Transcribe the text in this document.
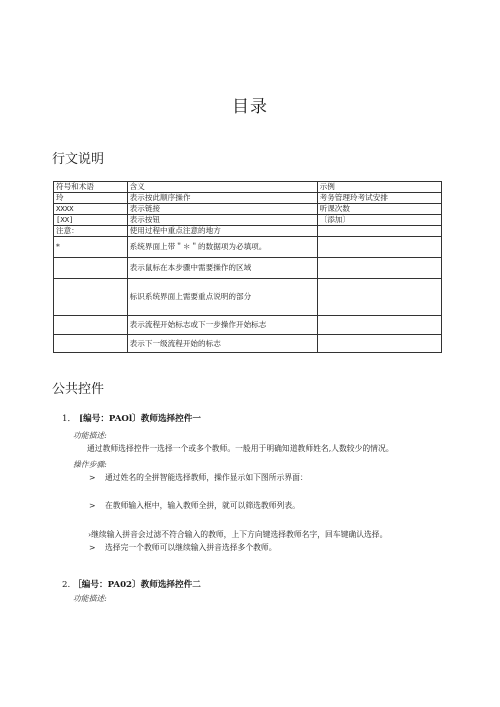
目录
行文说明
符号和术语	含义	示例
玲	表示按此顺序操作	考务管理玲考试安排
XXXX	表示链接	听课次数
[XX]	表示按钮	〔添加〕
注意：	使用过程中重点注意的地方	
*	系统界面上带＂＊＂的数据项为必填项。	
	表示鼠标在本步骤中需要操作的区域	
	标识系统界面上需要重点说明的部分	
	表示流程开始标志或下一步操作开始标志	
	表示下一级流程开始的标志	
公共控件
1． [编号：PAOl〕教师选择控件一
功能描述:
通过教师选择控件一选择一个或多个教师。一般用于明确知道教师姓名,人数较少的情况。
操作步骤:
> 通过姓名的全拼智能选择教师，操作显示如下图所示界面：
> 在教师输入框中，输入教师全拼，就可以筛选教师列表。
›继续输入拼音会过滤不符合输入的教师，上下方向键选择教师名字，回车键确认选择。
> 选择完一个教师可以继续输入拼音选择多个教师。
2. ［编号：PA02〕教师选择控件二
功能描述:
